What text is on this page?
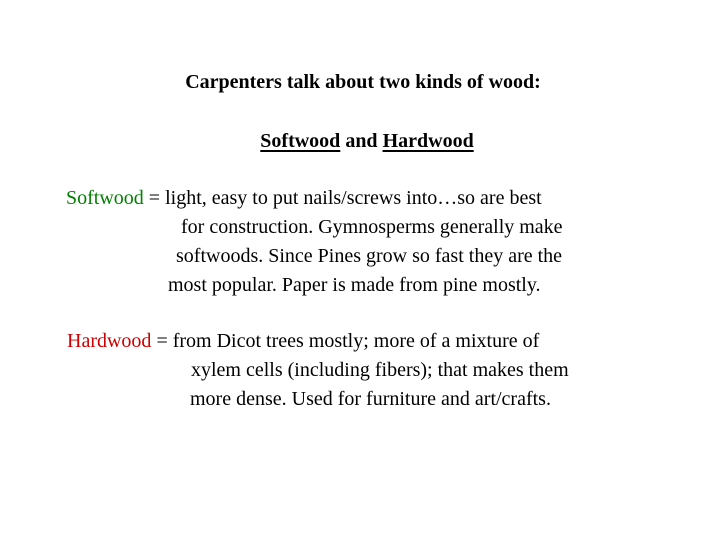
Carpenters talk about two kinds of wood:
Softwood and Hardwood
Softwood = light, easy to put nails/screws into…so are best
for construction. Gymnosperms generally make
softwoods. Since Pines grow so fast they are the
most popular. Paper is made from pine mostly.
Hardwood = from Dicot trees mostly; more of a mixture of
xylem cells (including fibers); that makes them
more dense. Used for furniture and art/crafts.
